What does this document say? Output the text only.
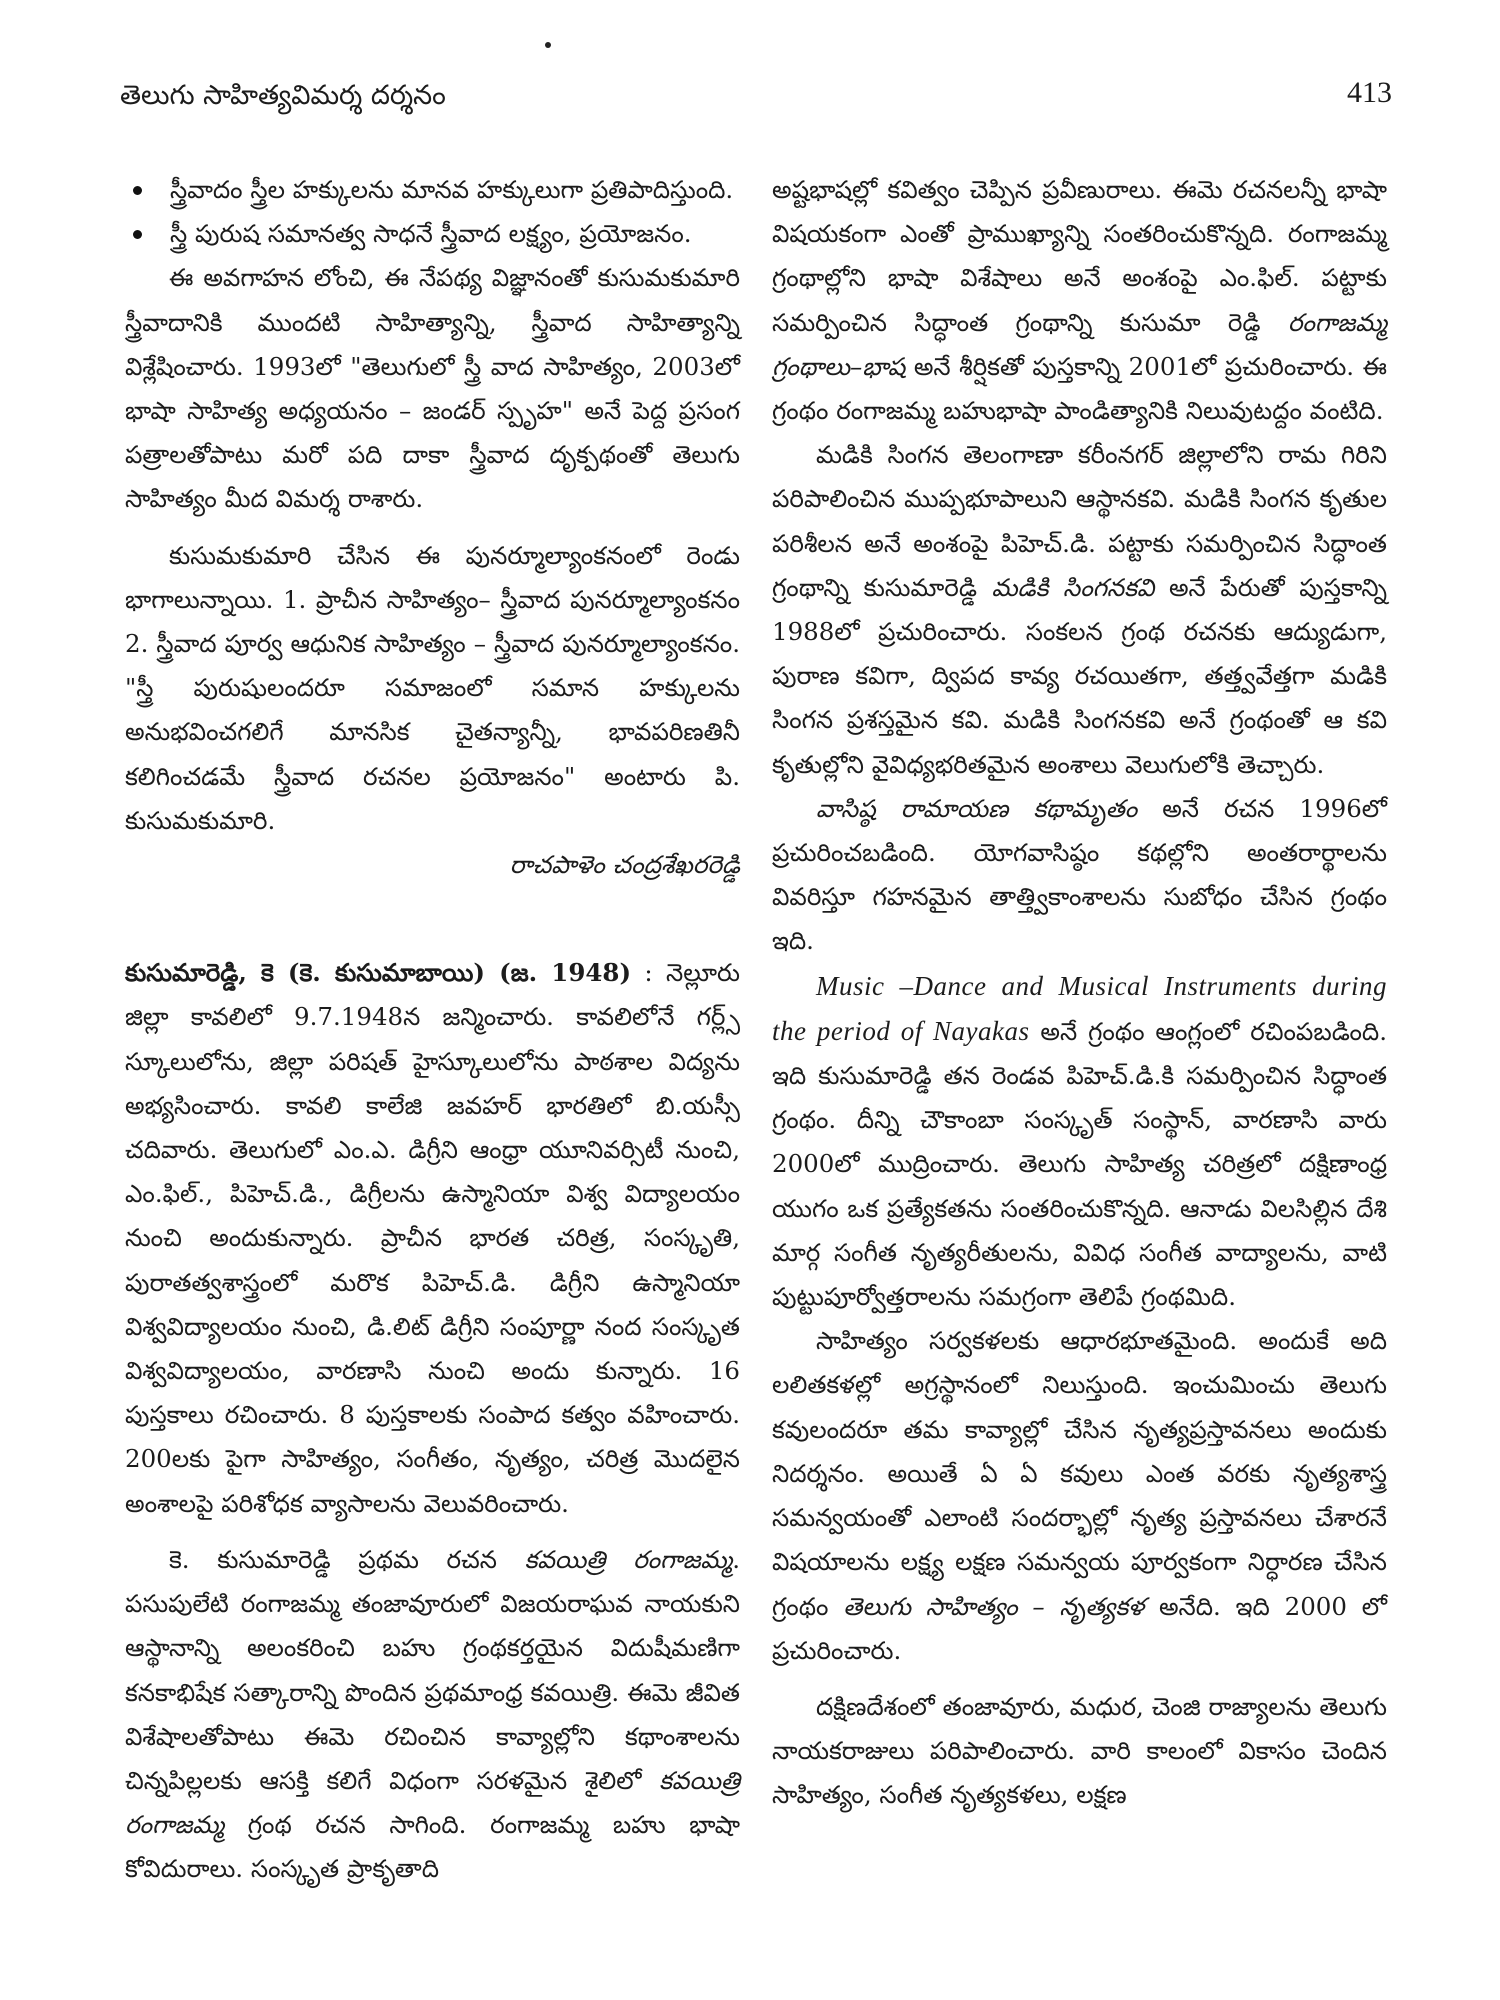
తెలుగు సాహిత్యవిమర్శ దర్శనం	413
స్త్రీవాదం స్త్రీల హక్కులను మానవ హక్కులుగా ప్రతిపాదిస్తుంది.
స్త్రీ పురుష సమానత్వ సాధనే స్త్రీవాద లక్ష్యం, ప్రయోజనం.

ఈ అవగాహన లోంచి, ఈ నేపథ్య విజ్ఞానంతో కుసుమకుమారి స్త్రీవాదానికి ముందటి సాహిత్యాన్ని, స్త్రీవాద సాహిత్యాన్ని విశ్లేషించారు. 1993లో "తెలుగులో స్త్రీ వాద సాహిత్యం, 2003లో భాషా సాహిత్య అధ్యయనం – జండర్ స్పృహ" అనే పెద్ద ప్రసంగ పత్రాలతోపాటు మరో పది దాకా స్త్రీవాద దృక్పథంతో తెలుగు సాహిత్యం మీద విమర్శ రాశారు.

కుసుమకుమారి చేసిన ఈ పునర్మూల్యాంకనంలో రెండు భాగాలున్నాయి. 1. ప్రాచీన సాహిత్యం– స్త్రీవాద పునర్మూల్యాంకనం 2. స్త్రీవాద పూర్వ ఆధునిక సాహిత్యం – స్త్రీవాద పునర్మూల్యాంకనం. "స్త్రీ పురుషులందరూ సమాజంలో సమాన హక్కులను అనుభవించగలిగే మానసిక చైతన్యాన్నీ, భావపరిణతినీ కలిగించడమే స్త్రీవాద రచనల ప్రయోజనం" అంటారు పి. కుసుమకుమారి.

రాచపాళెం చంద్రశేఖరరెడ్డి

కుసుమారెడ్డి, కె (కె. కుసుమాబాయి) (జ. 1948) : నెల్లూరు జిల్లా కావలిలో 9.7.1948న జన్మించారు. కావలిలోనే గర్ల్స్ స్కూలులోను, జిల్లా పరిషత్ హైస్కూలులోను పాఠశాల విద్యను అభ్యసించారు. కావలి కాలేజి జవహర్ భారతిలో బి.యస్సీ చదివారు. తెలుగులో ఎం.ఎ. డిగ్రీని ఆంధ్రా యూనివర్సిటీ నుంచి, ఎం.ఫిల్., పిహెచ్.డి., డిగ్రీలను ఉస్మానియా విశ్వ విద్యాలయం నుంచి అందుకున్నారు. ప్రాచీన భారత చరిత్ర, సంస్కృతి, పురాతత్వశాస్త్రంలో మరొక పిహెచ్.డి. డిగ్రీని ఉస్మానియా విశ్వవిద్యాలయం నుంచి, డి.లిట్ డిగ్రీని సంపూర్ణా నంద సంస్కృత విశ్వవిద్యాలయం, వారణాసి నుంచి అందు కున్నారు. 16 పుస్తకాలు రచించారు. 8 పుస్తకాలకు సంపాద కత్వం వహించారు. 200లకు పైగా సాహిత్యం, సంగీతం, నృత్యం, చరిత్ర మొదలైన అంశాలపై పరిశోధక వ్యాసాలను వెలువరించారు.

కె. కుసుమారెడ్డి ప్రథమ రచన కవయిత్రి రంగాజమ్మ. పసుపులేటి రంగాజమ్మ తంజావూరులో విజయరాఘవ నాయకుని ఆస్థానాన్ని అలంకరించి బహు గ్రంథకర్తయైన విదుషీమణిగా కనకాభిషేక సత్కారాన్ని పొందిన ప్రథమాంధ్ర కవయిత్రి. ఈమె జీవిత విశేషాలతోపాటు ఈమె రచించిన కావ్యాల్లోని కథాంశాలను చిన్నపిల్లలకు ఆసక్తి కలిగే విధంగా సరళమైన శైలిలో కవయిత్రి రంగాజమ్మ గ్రంథ రచన సాగింది. రంగాజమ్మ బహు భాషా కోవిదురాలు. సంస్కృత ప్రాకృతాది

అష్టభాషల్లో కవిత్వం చెప్పిన ప్రవీణురాలు. ఈమె రచనలన్నీ భాషా విషయకంగా ఎంతో ప్రాముఖ్యాన్ని సంతరించుకొన్నది. రంగాజమ్మ గ్రంథాల్లోని భాషా విశేషాలు అనే అంశంపై ఎం.ఫిల్. పట్టాకు సమర్పించిన సిద్ధాంత గ్రంథాన్ని కుసుమా రెడ్డి రంగాజమ్మ గ్రంథాలు–భాష అనే శీర్షికతో పుస్తకాన్ని 2001లో ప్రచురించారు. ఈ గ్రంథం రంగాజమ్మ బహుభాషా పాండిత్యానికి నిలువుటద్దం వంటిది.

మడికి సింగన తెలంగాణా కరీంనగర్ జిల్లాలోని రామ గిరిని పరిపాలించిన ముప్పభూపాలుని ఆస్థానకవి. మడికి సింగన కృతుల పరిశీలన అనే అంశంపై పిహెచ్.డి. పట్టాకు సమర్పించిన సిద్ధాంత గ్రంథాన్ని కుసుమారెడ్డి మడికి సింగనకవి అనే పేరుతో పుస్తకాన్ని 1988లో ప్రచురించారు. సంకలన గ్రంథ రచనకు ఆద్యుడుగా, పురాణ కవిగా, ద్విపద కావ్య రచయితగా, తత్త్వవేత్తగా మడికి సింగన ప్రశస్తమైన కవి. మడికి సింగనకవి అనే గ్రంథంతో ఆ కవి కృతుల్లోని వైవిధ్యభరితమైన అంశాలు వెలుగులోకి తెచ్చారు.

వాసిష్ఠ రామాయణ కథామృతం అనే రచన 1996లో ప్రచురించబడింది. యోగవాసిష్ఠం కథల్లోని అంతరార్థాలను వివరిస్తూ గహనమైన తాత్త్వికాంశాలను సుబోధం చేసిన గ్రంథం ఇది.

Music –Dance and Musical Instruments during the period of Nayakas అనే గ్రంథం ఆంగ్లంలో రచింపబడింది. ఇది కుసుమారెడ్డి తన రెండవ పిహెచ్.డి.కి సమర్పించిన సిద్ధాంత గ్రంథం. దీన్ని చౌకాంబా సంస్కృత్ సంస్థాన్, వారణాసి వారు 2000లో ముద్రించారు. తెలుగు సాహిత్య చరిత్రలో దక్షిణాంధ్ర యుగం ఒక ప్రత్యేకతను సంతరించుకొన్నది. ఆనాడు విలసిల్లిన దేశి మార్గ సంగీత నృత్యరీతులను, వివిధ సంగీత వాద్యాలను, వాటి పుట్టుపూర్వోత్తరాలను సమగ్రంగా తెలిపే గ్రంథమిది.

సాహిత్యం సర్వకళలకు ఆధారభూతమైంది. అందుకే అది లలితకళల్లో అగ్రస్థానంలో నిలుస్తుంది. ఇంచుమించు తెలుగు కవులందరూ తమ కావ్యాల్లో చేసిన నృత్యప్రస్తావనలు అందుకు నిదర్శనం. అయితే ఏ ఏ కవులు ఎంత వరకు నృత్యశాస్త్ర సమన్వయంతో ఎలాంటి సందర్భాల్లో నృత్య ప్రస్తావనలు చేశారనే విషయాలను లక్ష్య లక్షణ సమన్వయ పూర్వకంగా నిర్ధారణ చేసిన గ్రంథం తెలుగు సాహిత్యం – నృత్యకళ అనేది. ఇది 2000 లో ప్రచురించారు.

దక్షిణదేశంలో తంజావూరు, మధుర, చెంజి రాజ్యాలను తెలుగు నాయకరాజులు పరిపాలించారు. వారి కాలంలో వికాసం చెందిన సాహిత్యం, సంగీత నృత్యకళలు, లక్షణ
